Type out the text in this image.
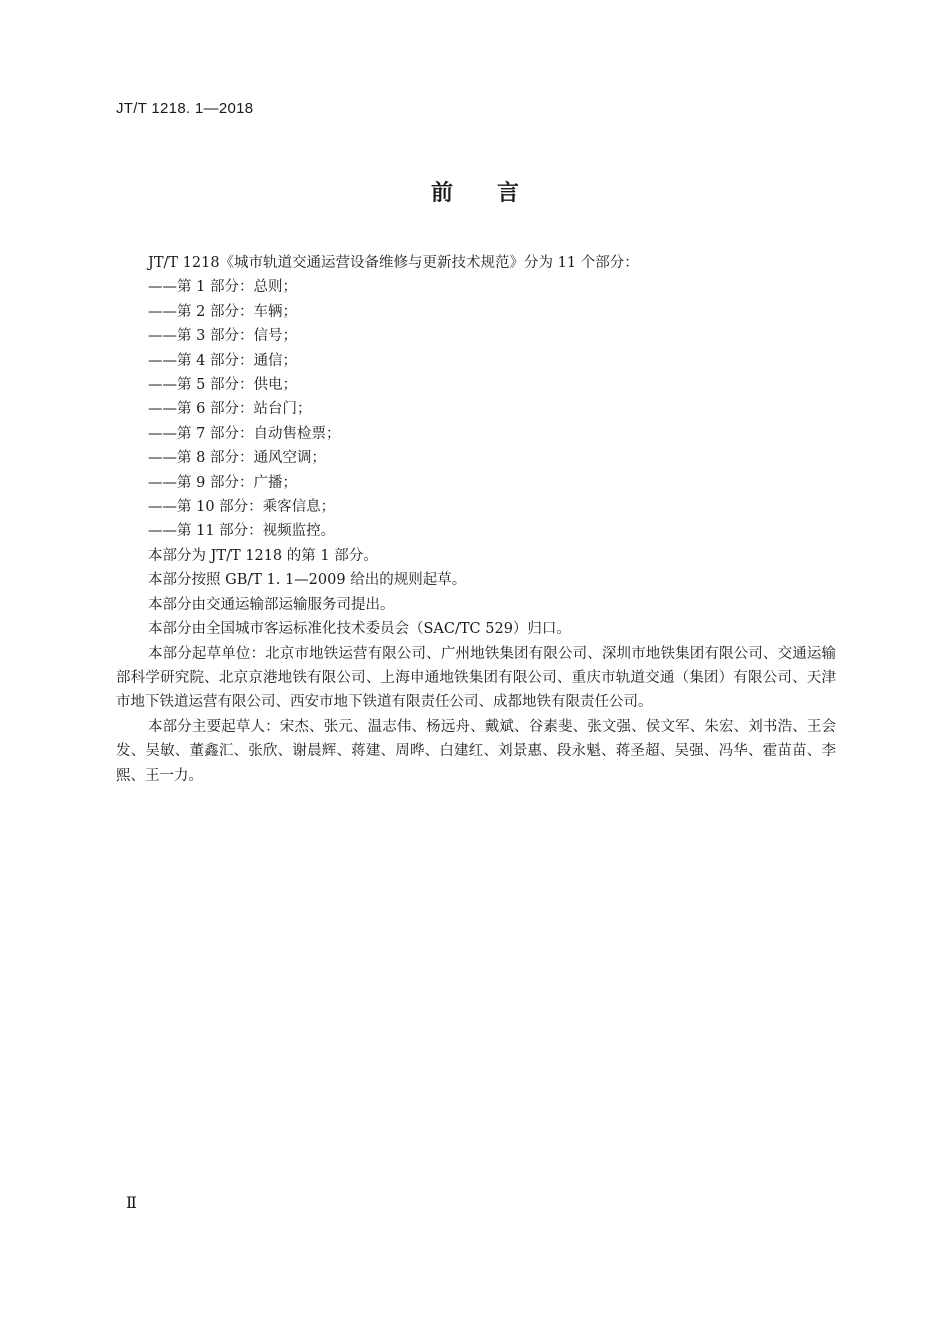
JT/T 1218. 1—2018
前言

JT/T 1218《城市轨道交通运营设备维修与更新技术规范》分为 11 个部分：

——第 1 部分：总则；
——第 2 部分：车辆；
——第 3 部分：信号；
——第 4 部分：通信；
——第 5 部分：供电；
——第 6 部分：站台门；
——第 7 部分：自动售检票；
——第 8 部分：通风空调；
——第 9 部分：广播；
——第 10 部分：乘客信息；
——第 11 部分：视频监控。

本部分为 JT/T 1218 的第 1 部分。

本部分按照 GB/T 1. 1—2009 给出的规则起草。

本部分由交通运输部运输服务司提出。

本部分由全国城市客运标准化技术委员会（SAC/TC 529）归口。

本部分起草单位：北京市地铁运营有限公司、广州地铁集团有限公司、深圳市地铁集团有限公司、交通运输部科学研究院、北京京港地铁有限公司、上海申通地铁集团有限公司、重庆市轨道交通（集团）有限公司、天津市地下铁道运营有限公司、西安市地下铁道有限责任公司、成都地铁有限责任公司。

本部分主要起草人：宋杰、张元、温志伟、杨远舟、戴斌、谷素斐、张文强、侯文军、朱宏、刘书浩、王会发、吴敏、董鑫汇、张欣、谢晨辉、蒋建、周晔、白建红、刘景惠、段永魁、蒋圣超、吴强、冯华、霍苗苗、李熙、王一力。

Ⅱ
